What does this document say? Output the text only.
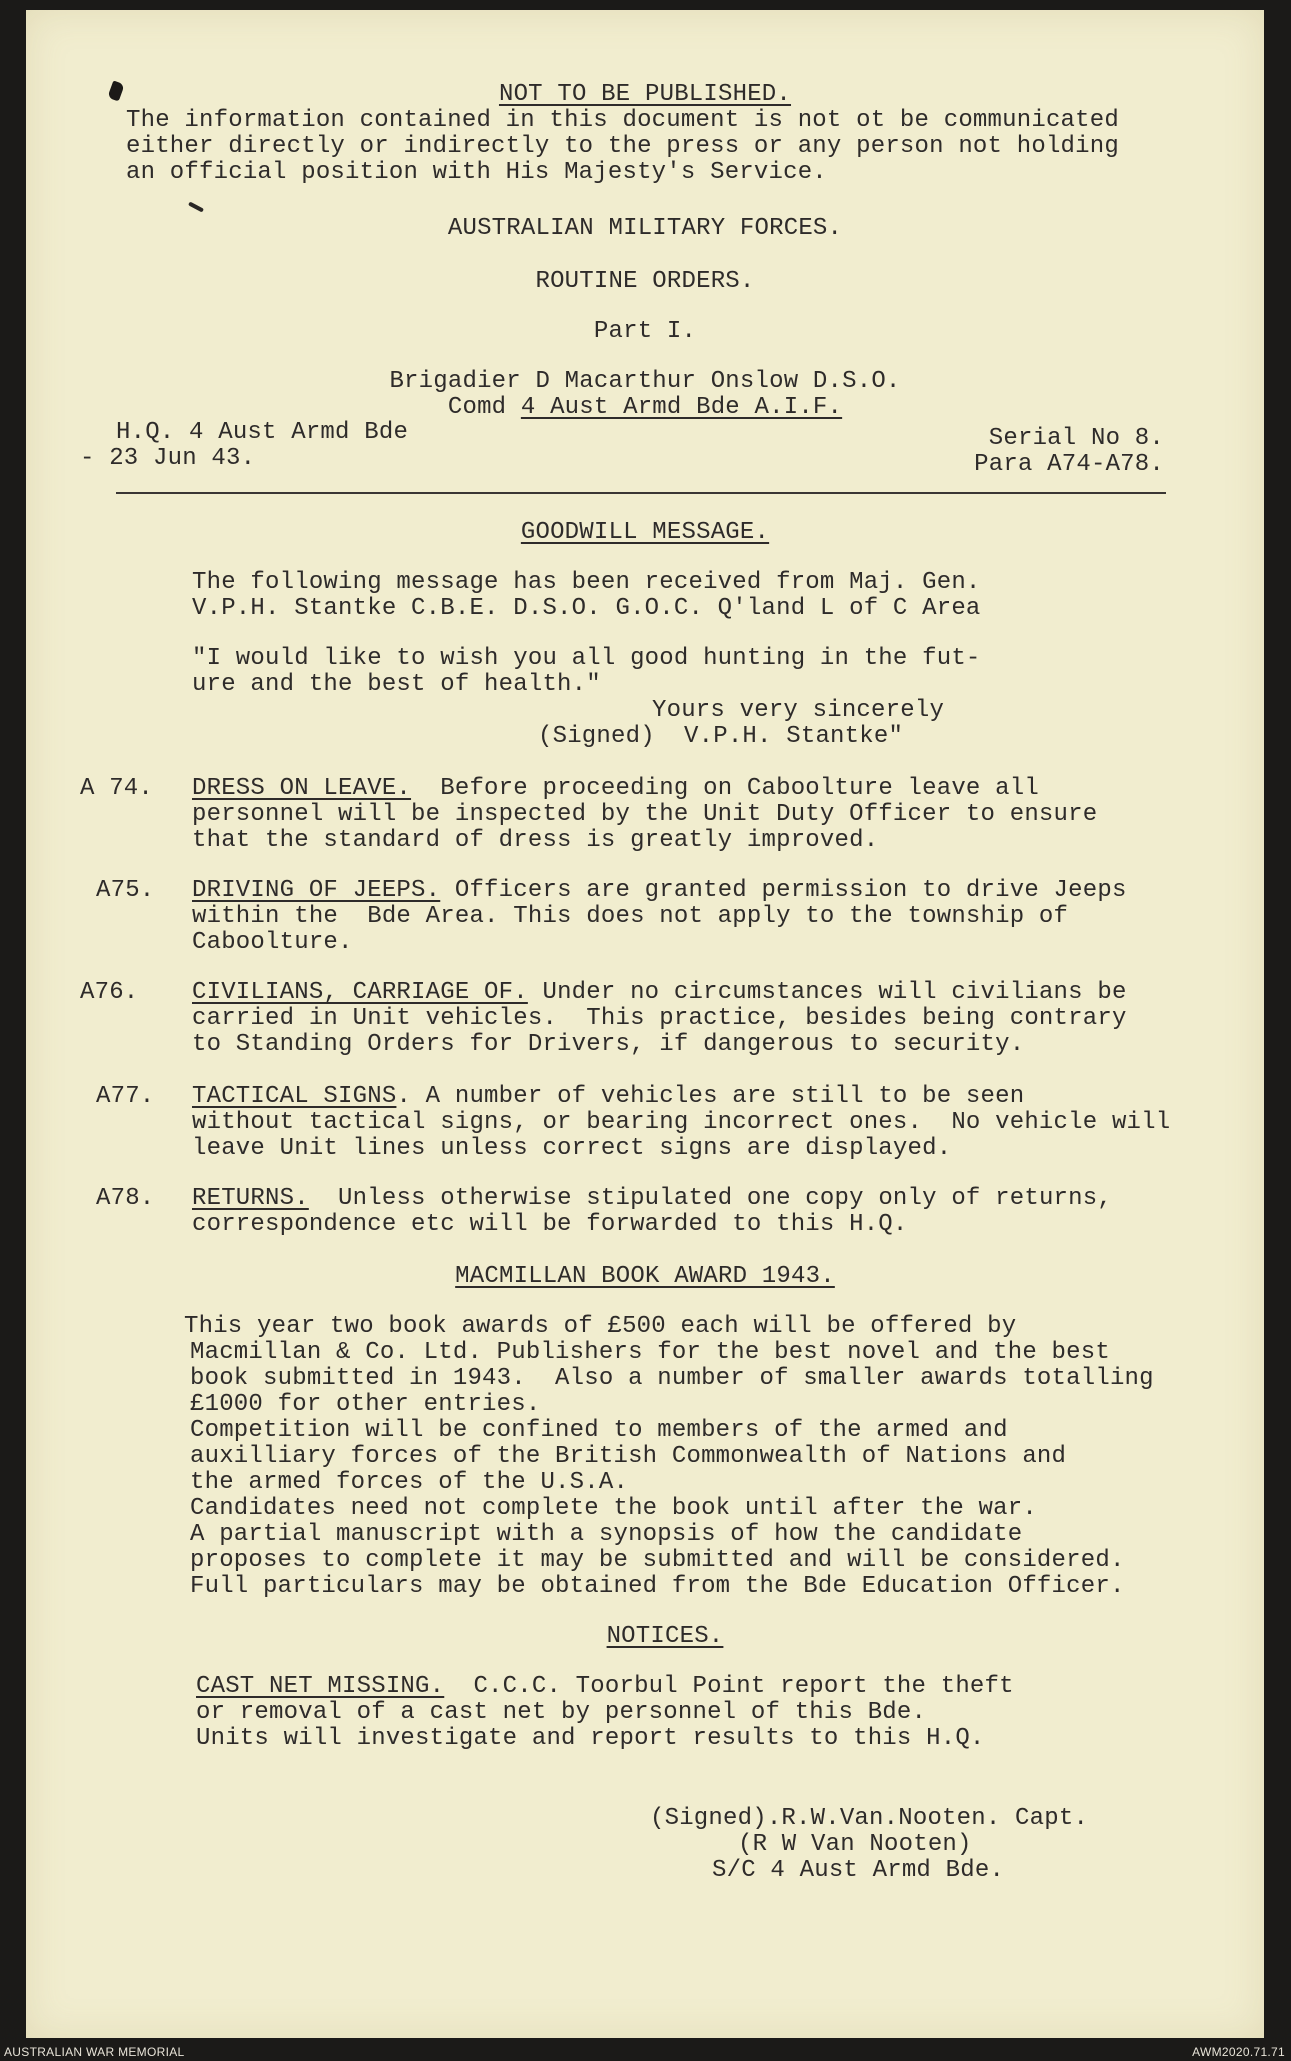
NOT TO BE PUBLISHED.
The information contained in this document is not ot be communicated
either directly or indirectly to the press or any person not holding
an official position with His Majesty's Service.
AUSTRALIAN MILITARY FORCES.
ROUTINE ORDERS.
Part I.
Brigadier D Macarthur Onslow D.S.O.
Comd 4 Aust Armd Bde A.I.F.
H.Q. 4 Aust Armd Bde
- 23 Jun 43.
Serial No 8.
Para A74-A78.
GOODWILL MESSAGE.
The following message has been received from Maj. Gen.
V.P.H. Stantke C.B.E. D.S.O. G.O.C. Q'land L of C Area
"I would like to wish you all good hunting in the fut-
ure and the best of health."
Yours very sincerely
(Signed)  V.P.H. Stantke"
A 74. DRESS ON LEAVE.  Before proceeding on Caboolture leave all
personnel will be inspected by the Unit Duty Officer to ensure
that the standard of dress is greatly improved.
A75. DRIVING OF JEEPS. Officers are granted permission to drive Jeeps
within the  Bde Area. This does not apply to the township of
Caboolture.
A76. CIVILIANS, CARRIAGE OF. Under no circumstances will civilians be
carried in Unit vehicles.  This practice, besides being contrary
to Standing Orders for Drivers, if dangerous to security.
A77. TACTICAL SIGNS. A number of vehicles are still to be seen
without tactical signs, or bearing incorrect ones.  No vehicle will
leave Unit lines unless correct signs are displayed.
A78. RETURNS.  Unless otherwise stipulated one copy only of returns,
correspondence etc will be forwarded to this H.Q.
MACMILLAN BOOK AWARD 1943.
This year two book awards of £500 each will be offered by
Macmillan & Co. Ltd. Publishers for the best novel and the best
book submitted in 1943.  Also a number of smaller awards totalling
£1000 for other entries.
Competition will be confined to members of the armed and
auxilliary forces of the British Commonwealth of Nations and
the armed forces of the U.S.A.
Candidates need not complete the book until after the war.
A partial manuscript with a synopsis of how the candidate
proposes to complete it may be submitted and will be considered.
Full particulars may be obtained from the Bde Education Officer.
NOTICES.
CAST NET MISSING.  C.C.C. Toorbul Point report the theft
or removal of a cast net by personnel of this Bde.
Units will investigate and report results to this H.Q.
(Signed).R.W.Van.Nooten. Capt.
(R W Van Nooten)
S/C 4 Aust Armd Bde.
AUSTRALIAN WAR MEMORIAL	AWM2020.71.71
